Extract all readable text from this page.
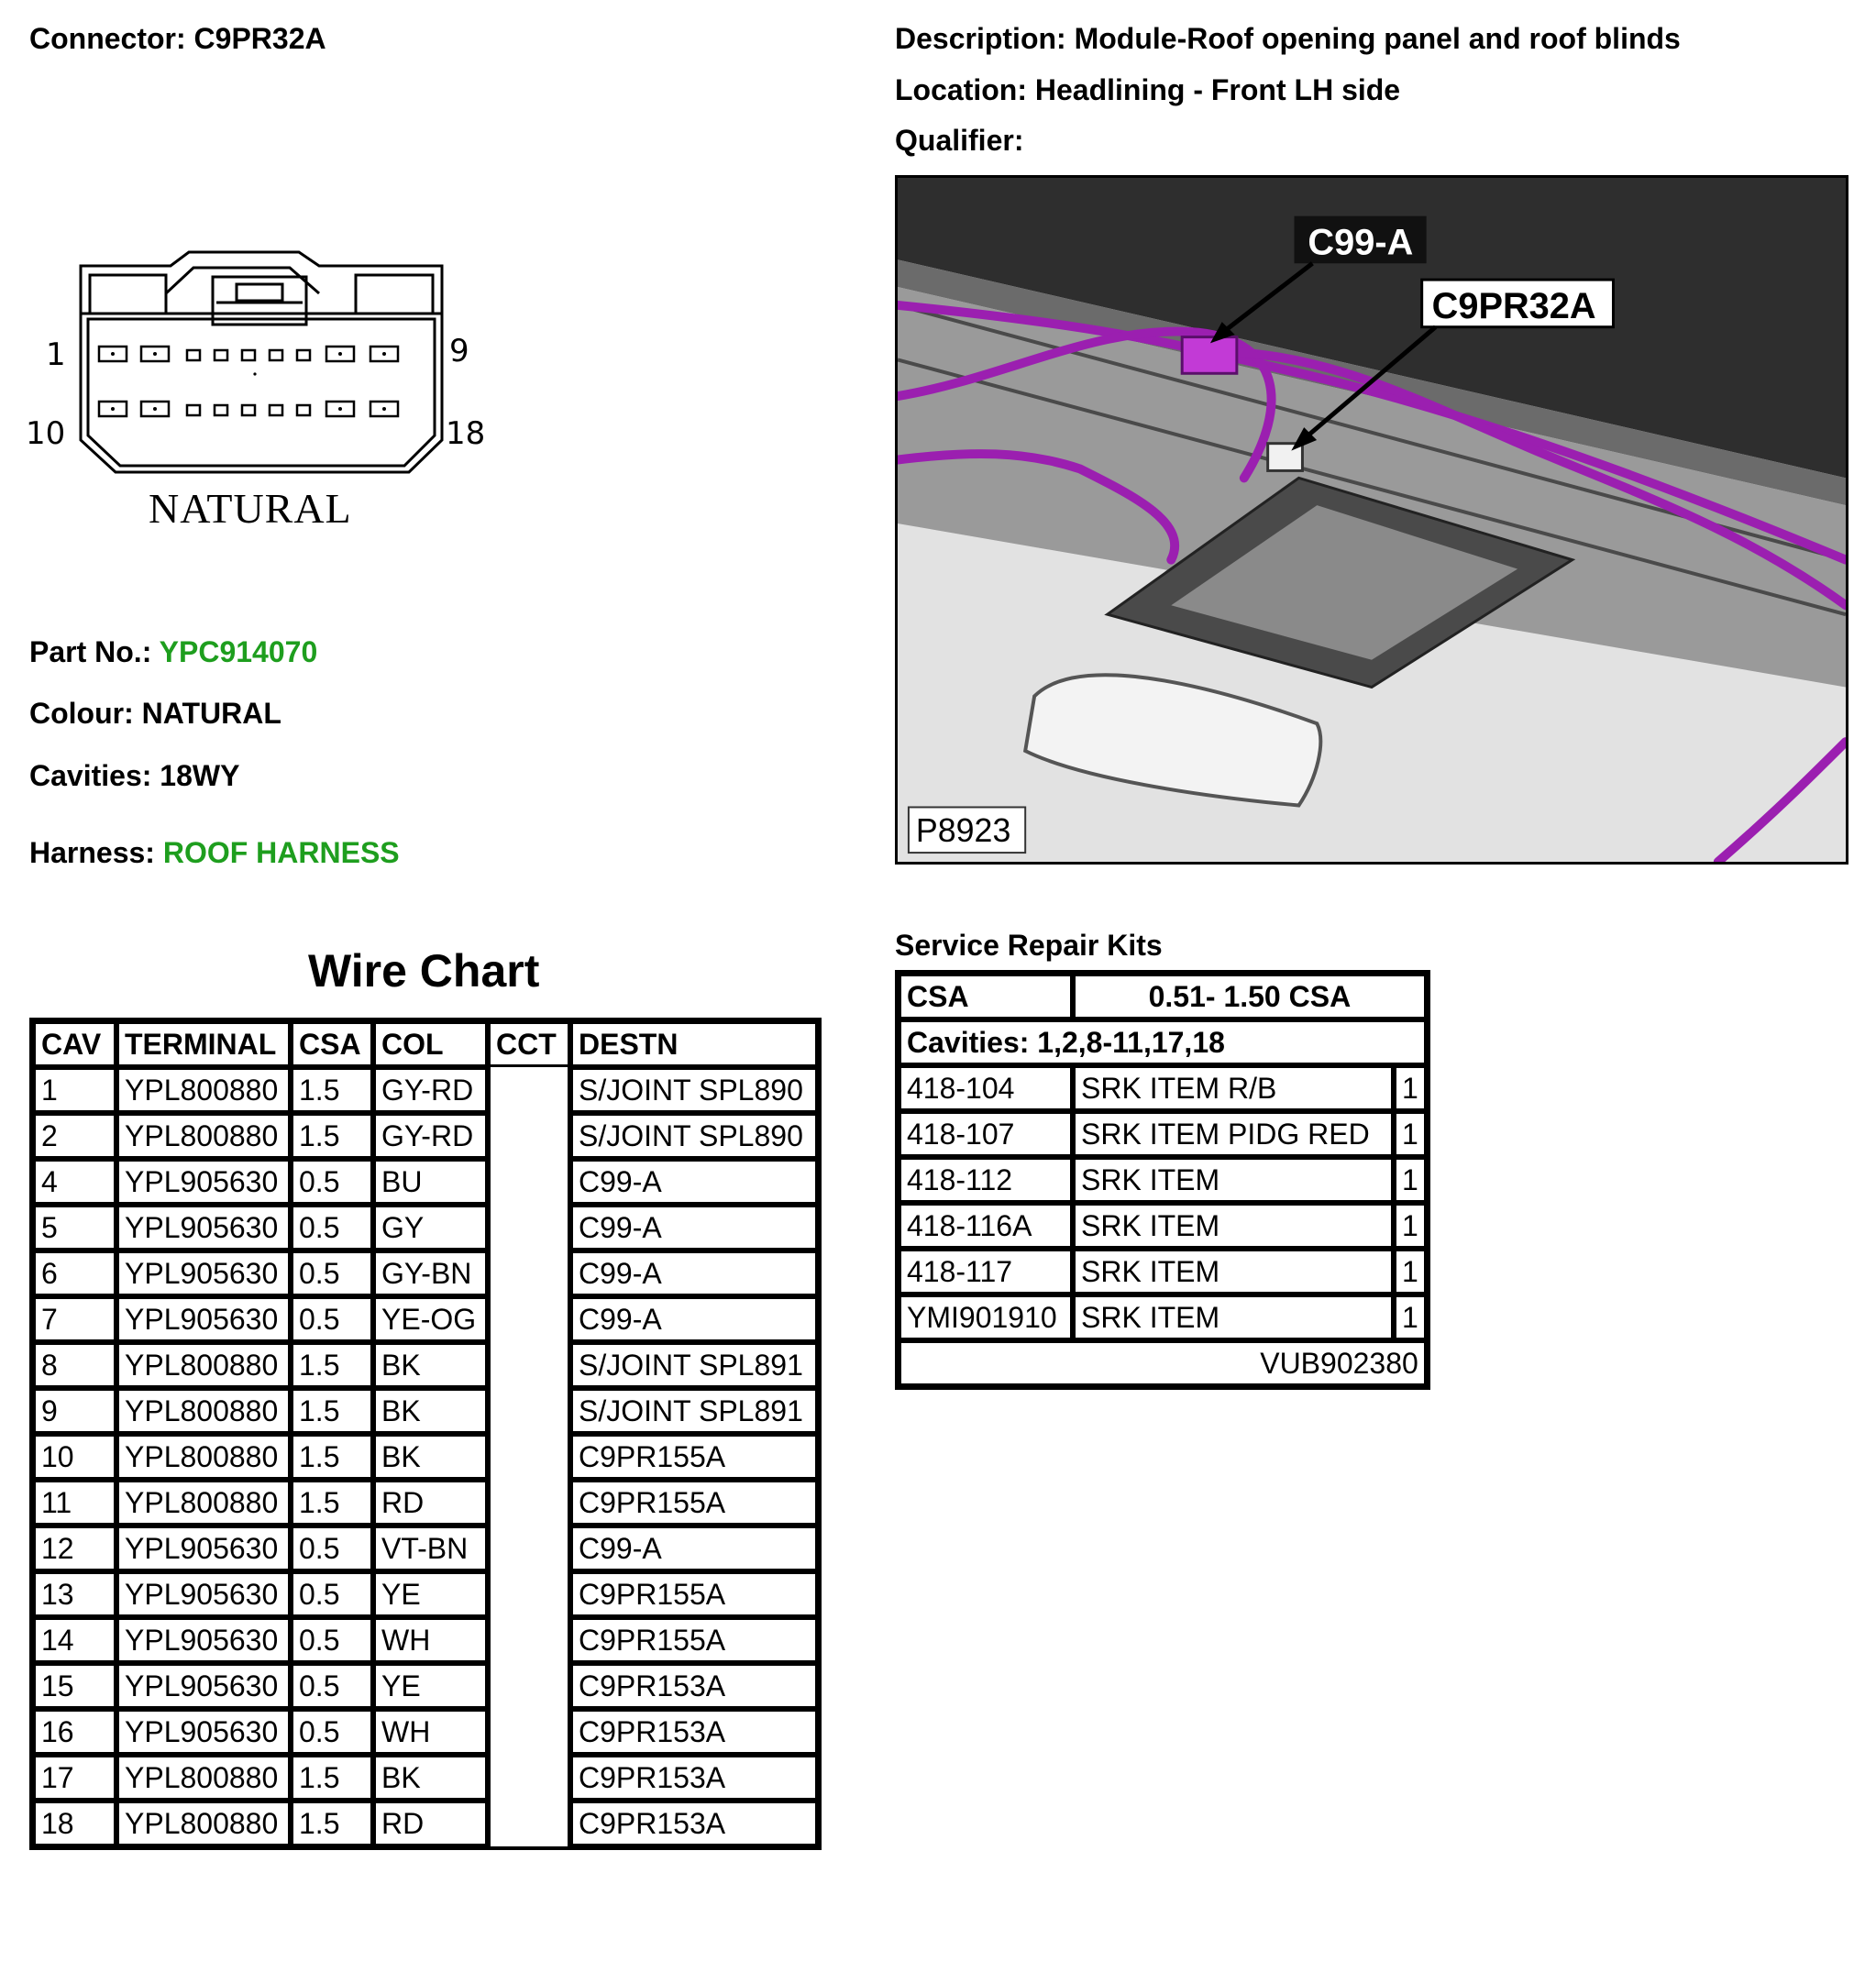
Connector: C9PR32A	Description: Module-Roof opening panel and roof blinds
Location: Headlining - Front LH side
Qualifier:
1	9
10	18
NATURAL
Part No.: YPC914070
Colour: NATURAL
Cavities: 18WY
Harness: ROOF HARNESS
C99-A
C9PR32A
P8923
Wire Chart
CAV	TERMINAL	CSA	COL	CCT	DESTN
1	YPL800880	1.5	GY-RD		S/JOINT SPL890
2	YPL800880	1.5	GY-RD		S/JOINT SPL890
4	YPL905630	0.5	BU		C99-A
5	YPL905630	0.5	GY		C99-A
6	YPL905630	0.5	GY-BN		C99-A
7	YPL905630	0.5	YE-OG		C99-A
8	YPL800880	1.5	BK		S/JOINT SPL891
9	YPL800880	1.5	BK		S/JOINT SPL891
10	YPL800880	1.5	BK		C9PR155A
11	YPL800880	1.5	RD		C9PR155A
12	YPL905630	0.5	VT-BN		C99-A
13	YPL905630	0.5	YE		C9PR155A
14	YPL905630	0.5	WH		C9PR155A
15	YPL905630	0.5	YE		C9PR153A
16	YPL905630	0.5	WH		C9PR153A
17	YPL800880	1.5	BK		C9PR153A
18	YPL800880	1.5	RD		C9PR153A
Service Repair Kits
CSA	0.51- 1.50 CSA	
Cavities: 1,2,8-11,17,18		
418-104	SRK ITEM R/B	1
418-107	SRK ITEM PIDG RED	1
418-112	SRK ITEM	1
418-116A	SRK ITEM	1
418-117	SRK ITEM	1
YMI901910	SRK ITEM	1
VUB902380		
